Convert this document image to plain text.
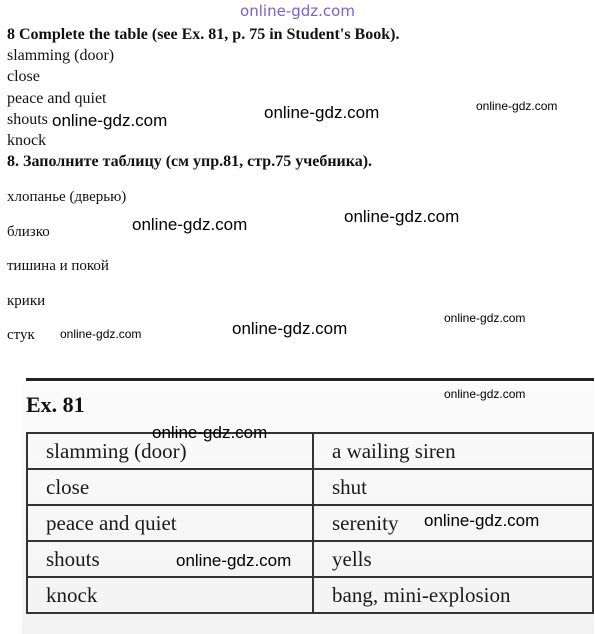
online-gdz.com
8 Complete the table (see Ex. 81, p. 75 in Student's Book).
slamming (door)
close
peace and quiet
shouts
knock
8. Заполните таблицу (см упр.81, стр.75 учебника).
хлопанье (дверью)
близко
тишина и покой
крики
стук
Ex. 81
slamming (door)	a wailing siren
close	shut
peace and quiet	serenity
shouts	yells
knock	bang, mini-explosion
online-gdz.com	online-gdz.com	online-gdz.com
online-gdz.com	online-gdz.com
online-gdz.com	online-gdz.com
online-gdz.com
online-gdz.com
online-gdz.com
online-gdz.com
online-gdz.com
